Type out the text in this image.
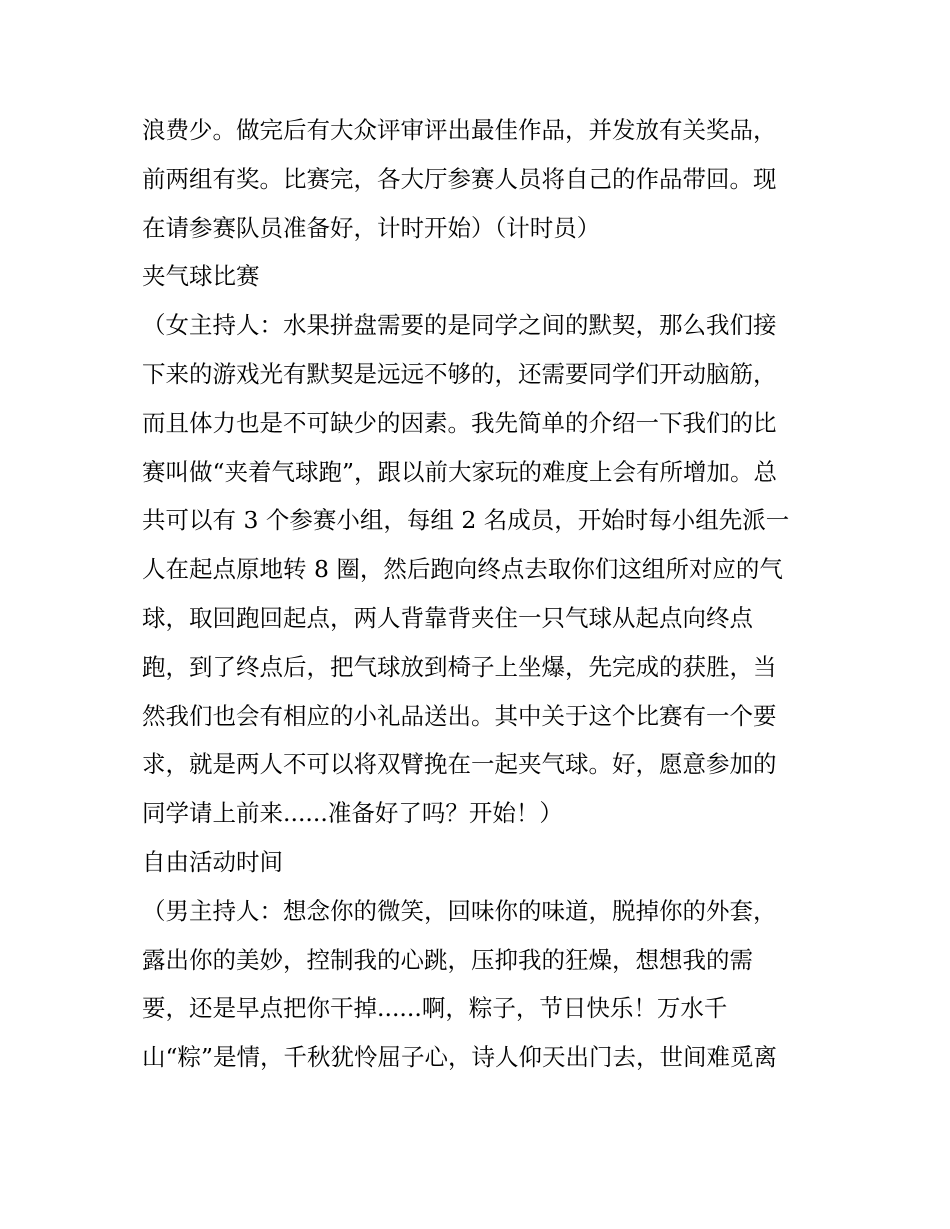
浪费少。做完后有大众评审评出最佳作品，并发放有关奖品，
前两组有奖。比赛完，各大厅参赛人员将自己的作品带回。现
在请参赛队员准备好，计时开始）（计时员）
夹气球比赛
（女主持人：水果拼盘需要的是同学之间的默契，那么我们接
下来的游戏光有默契是远远不够的，还需要同学们开动脑筋，
而且体力也是不可缺少的因素。我先简单的介绍一下我们的比
赛叫做“夹着气球跑”，跟以前大家玩的难度上会有所增加。总
共可以有 3 个参赛小组，每组 2 名成员，开始时每小组先派一
人在起点原地转 8 圈，然后跑向终点去取你们这组所对应的气
球，取回跑回起点，两人背靠背夹住一只气球从起点向终点
跑，到了终点后，把气球放到椅子上坐爆，先完成的获胜，当
然我们也会有相应的小礼品送出。其中关于这个比赛有一个要
求，就是两人不可以将双臂挽在一起夹气球。好，愿意参加的
同学请上前来......准备好了吗？开始！）
自由活动时间
（男主持人：想念你的微笑，回味你的味道，脱掉你的外套，
露出你的美妙，控制我的心跳，压抑我的狂燥，想想我的需
要，还是早点把你干掉......啊，粽子，节日快乐！万水千
山“粽”是情，千秋犹怜屈子心，诗人仰天出门去，世间难觅离
